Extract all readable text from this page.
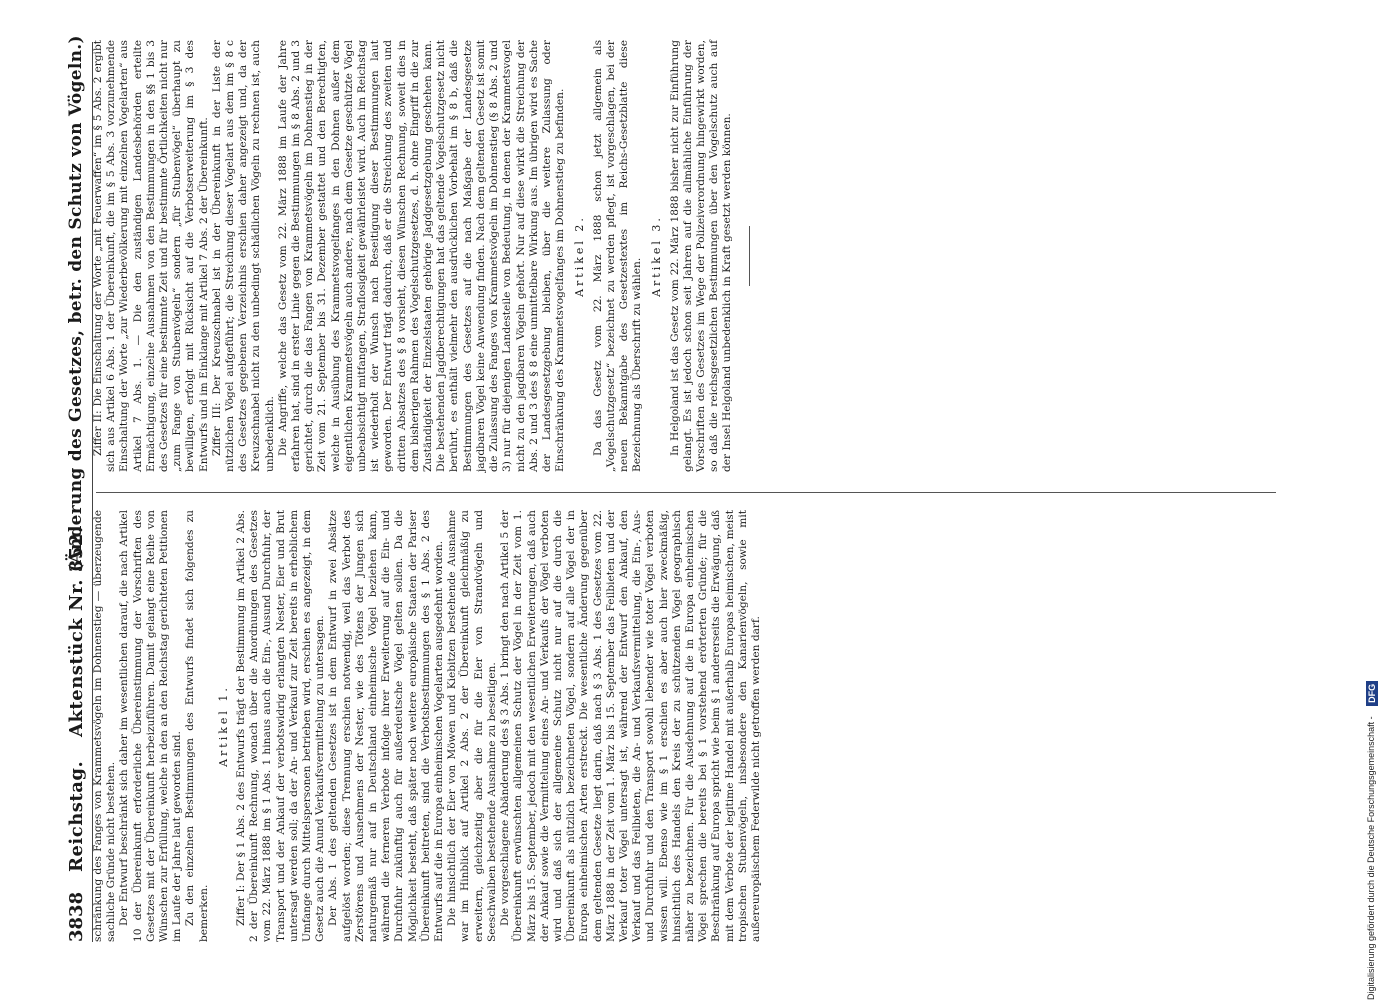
3838
Reichstag.
Aktenstück Nr. 352.
(Änderung des Gesetzes, betr. den Schutz von Vögeln.)

schränkung des Fanges von Krammetsvögeln im Dohnenstieg — überzeugende sachliche Gründe nicht bestehen. Der Entwurf beschränkt sich daher im wesentlichen darauf, die nach Artikel 10 der Übereinkunft erforderliche Übereinstimmung der Vorschriften des Gesetzes mit der Übereinkunft herbeizuführen. Damit gelangt eine Reihe von Wünschen zur Erfüllung, welche in den an den Reichstag gerichteten Petitionen im Laufe der Jahre laut geworden sind. Zu den einzelnen Bestimmungen des Entwurfs findet sich folgendes zu bemerken.

Artikel 1. Ziffer I: Der § 1 Abs. 2 des Entwurfs trägt der Bestimmung im Artikel 2 Abs. 2 der Übereinkunft Rechnung, wonach über die Anordnungen des Gesetzes vom 22. März 1888 im § 1 Abs. 1 hinaus auch die Ein-, Ausund Durchfuhr, der Transport und der Ankauf der verbotswidrig erlangten Nester, Eier und Brut untersagt werden soll; da der An- und Verkauf zur Zeit bereits in erheblichem Umfange durch Mittelspersonen betrieben wird, erschien es angezeigt, in dem Gesetz auch die Anund Verkaufsvermittelung zu untersagen. Der Abs. 1 des geltenden Gesetzes ist in dem Entwurf in zwei Absätze aufgelöst worden; diese Trennung erschien notwendig, weil das Verbot des Zerstörens und Ausnehmens der Nester, wie des Tötens der Jungen sich naturgemäß nur auf in Deutschland einheimische Vögel beziehen kann, während die ferneren Verbote infolge ihrer Erweiterung auf die Ein- und Durchfuhr zukünftig auch für außerdeutsche Vögel gelten sollen. Da die Möglichkeit besteht, daß später noch weitere europäische Staaten der Pariser Übereinkunft beitreten, sind die Verbotsbestimmungen des § 1 Abs. 2 des Entwurfs auf die in Europa einheimischen Vogelarten ausgedehnt worden. Die hinsichtlich der Eier von Möwen und Kiebitzen bestehende Ausnahme war im Hinblick auf Artikel 2 Abs. 2 der Übereinkunft gleichmäßig zu erweitern, gleichzeitig aber die für die Eier von Strandvögeln und Seeschwalben bestehende Ausnahme zu beseitigen. Die vorgeschlagene Abänderung des § 3 Abs. 1 bringt den nach Artikel 5 der Übereinkunft erwünschten allgemeinen Schutz der Vögel in der Zeit vom 1. März bis 15. September, jedoch mit den wesentlichen Erweiterungen, daß auch der Ankauf sowie die Vermittelung eines An- und Verkaufs der Vögel verboten wird und daß sich der allgemeine Schutz nicht nur auf die durch die Übereinkunft als nützlich bezeichneten Vögel, sondern auf alle Vögel der in Europa einheimischen Arten erstreckt. Die wesentliche Änderung gegenüber dem geltenden Gesetze liegt darin, daß nach § 3 Abs. 1 des Gesetzes vom 22. März 1888 in der Zeit vom 1. März bis 15. September das Feilbieten und der Verkauf toter Vögel untersagt ist, während der Entwurf den Ankauf, den Verkauf und das Feilbieten, die An- und Verkaufsvermittelung, die Ein-, Aus- und Durchfuhr und den Transport sowohl lebender wie toter Vögel verboten wissen will. Ebenso wie im § 1 erschien es aber auch hier zweckmäßig, hinsichtlich des Handels den Kreis der zu schützenden Vögel geographisch näher zu bezeichnen. Für die Ausdehnung auf die in Europa einheimischen Vögel sprechen die bereits bei § 1 vorstehend erörterten Gründe; für die Beschränkung auf Europa spricht wie beim § 1 andererseits die Erwägung, daß mit dem Verbote der legitime Handel mit außerhalb Europas heimischen, meist tropischen Stubenvögeln, insbesondere den Kanarienvögeln, sowie mit außereuropäischem Federwilde nicht getroffen werden darf.

Ziffer II: Die Einschaltung der Worte „mit Feuerwaffen“ im § 5 Abs. 2 ergibt sich aus Artikel 6 Abs. 1 der Übereinkunft, die im § 5 Abs. 3 vorzunehmende Einschaltung der Worte „zur Wiederbevölkerung mit einzelnen Vogelarten“ aus Artikel 7 Abs. 1. — Die den zuständigen Landesbehörden erteilte Ermächtigung, einzelne Ausnahmen von den Bestimmungen in den §§ 1 bis 3 des Gesetzes für eine bestimmte Zeit und für bestimmte Örtlichkeiten nicht nur „zum Fange von Stubenvögeln“ sondern „für Stubenvögel“ überhaupt zu bewilligen, erfolgt mit Rücksicht auf die Verbotserweiterung im § 3 des Entwurfs und im Einklange mit Artikel 7 Abs. 2 der Übereinkunft. Ziffer III: Der Kreuzschnabel ist in der Übereinkunft in der Liste der nützlichen Vögel aufgeführt; die Streichung dieser Vogelart aus dem im § 8 c des Gesetzes gegebenen Verzeichnis erschien daher angezeigt und, da der Kreuzschnabel nicht zu den unbedingt schädlichen Vögeln zu rechnen ist, auch unbedenklich. Die Angriffe, welche das Gesetz vom 22. März 1888 im Laufe der Jahre erfahren hat, sind in erster Linie gegen die Bestimmungen im § 8 Abs. 2 und 3 gerichtet, durch die das Fangen von Krammetsvögeln im Dohnenstieg in der Zeit vom 21. September bis 31. Dezember gestattet und den Berechtigten, welche in Ausübung des Krammetsvogelfanges in den Dohnen außer dem eigentlichen Krammetsvögeln auch andere, nach dem Gesetze geschützte Vögel unbeabsichtigt mitfangen, Straflosigkeit gewährleistet wird. Auch im Reichstag ist wiederholt der Wunsch nach Beseitigung dieser Bestimmungen laut geworden. Der Entwurf trägt dadurch, daß er die Streichung des zweiten und dritten Absatzes des § 8 vorsieht, diesen Wünschen Rechnung, soweit dies in dem bisherigen Rahmen des Vogelschutzgesetzes, d. h. ohne Eingriff in die zur Zuständigkeit der Einzelstaaten gehörige Jagdgesetzgebung geschehen kann. Die bestehenden Jagdberechtigungen hat das geltende Vogelschutzgesetz nicht berührt, es enthält vielmehr den ausdrücklichen Vorbehalt im § 8 b, daß die Bestimmungen des Gesetzes auf die nach Maßgabe der Landesgesetze jagdbaren Vögel keine Anwendung finden. Nach dem geltenden Gesetz ist somit die Zulassung des Fanges von Krammetsvögeln im Dohnenstieg (§ 8 Abs. 2 und 3) nur für diejenigen Landesteile von Bedeutung, in denen der Krammetsvogel nicht zu den jagdbaren Vögeln gehört. Nur auf diese wirkt die Streichung der Abs. 2 und 3 des § 8 eine unmittelbare Wirkung aus. Im übrigen wird es Sache der Landesgesetzgebung bleiben, über die weitere Zulassung oder Einschränkung des Krammetsvogelfanges im Dohnenstieg zu befinden. Artikel 2. Da das Gesetz vom 22. März 1888 schon jetzt allgemein als „Vogelschutzgesetz“ bezeichnet zu werden pflegt, ist vorgeschlagen, bei der neuen Bekanntgabe des Gesetzestextes im Reichs-Gesetzblatte diese Bezeichnung als Überschrift zu wählen.

Artikel 3. In Helgoland ist das Gesetz vom 22. März 1888 bisher nicht zur Einführung gelangt. Es ist jedoch schon seit Jahren auf die allmähliche Einführung der Vorschriften des Gesetzes im Wege der Polizeiverordnung hingewirkt worden, so daß die reichsgesetzlichen Bestimmungen über den Vogelschutz auch auf der Insel Helgoland unbedenklich in Kraft gesetzt werden können.

Digitalisierung gefördert durch die Deutsche Forschungsgemeinschaft - DFG
